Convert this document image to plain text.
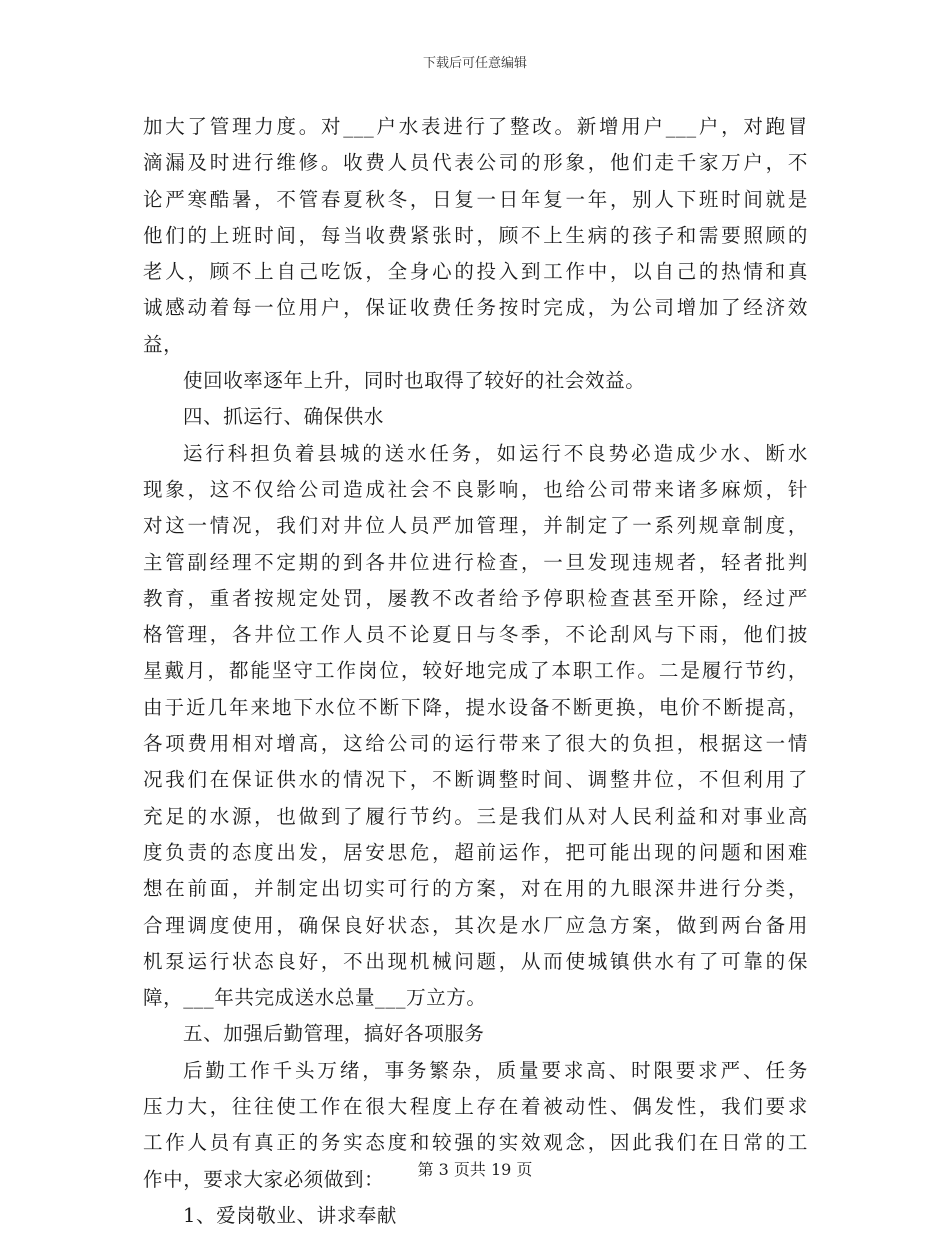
下载后可任意编辑
加大了管理力度。对___户水表进行了整改。新增用户___户，对跑冒
滴漏及时进行维修。收费人员代表公司的形象，他们走千家万户，不
论严寒酷暑，不管春夏秋冬，日复一日年复一年，别人下班时间就是
他们的上班时间，每当收费紧张时，顾不上生病的孩子和需要照顾的
老人，顾不上自己吃饭，全身心的投入到工作中，以自己的热情和真
诚感动着每一位用户，保证收费任务按时完成，为公司增加了经济效
益，
使回收率逐年上升，同时也取得了较好的社会效益。
四、抓运行、确保供水
运行科担负着县城的送水任务，如运行不良势必造成少水、断水
现象，这不仅给公司造成社会不良影响，也给公司带来诸多麻烦，针
对这一情况，我们对井位人员严加管理，并制定了一系列规章制度，
主管副经理不定期的到各井位进行检查，一旦发现违规者，轻者批判
教育，重者按规定处罚，屡教不改者给予停职检查甚至开除，经过严
格管理，各井位工作人员不论夏日与冬季，不论刮风与下雨，他们披
星戴月，都能坚守工作岗位，较好地完成了本职工作。二是履行节约，
由于近几年来地下水位不断下降，提水设备不断更换，电价不断提高，
各项费用相对增高，这给公司的运行带来了很大的负担，根据这一情
况我们在保证供水的情况下，不断调整时间、调整井位，不但利用了
充足的水源，也做到了履行节约。三是我们从对人民利益和对事业高
度负责的态度出发，居安思危，超前运作，把可能出现的问题和困难
想在前面，并制定出切实可行的方案，对在用的九眼深井进行分类，
合理调度使用，确保良好状态，其次是水厂应急方案，做到两台备用
机泵运行状态良好，不出现机械问题，从而使城镇供水有了可靠的保
障，___年共完成送水总量___万立方。
五、加强后勤管理，搞好各项服务
后勤工作千头万绪，事务繁杂，质量要求高、时限要求严、任务
压力大，往往使工作在很大程度上存在着被动性、偶发性，我们要求
工作人员有真正的务实态度和较强的实效观念，因此我们在日常的工
作中，要求大家必须做到：
1、爱岗敬业、讲求奉献
第 3 页共 19 页
